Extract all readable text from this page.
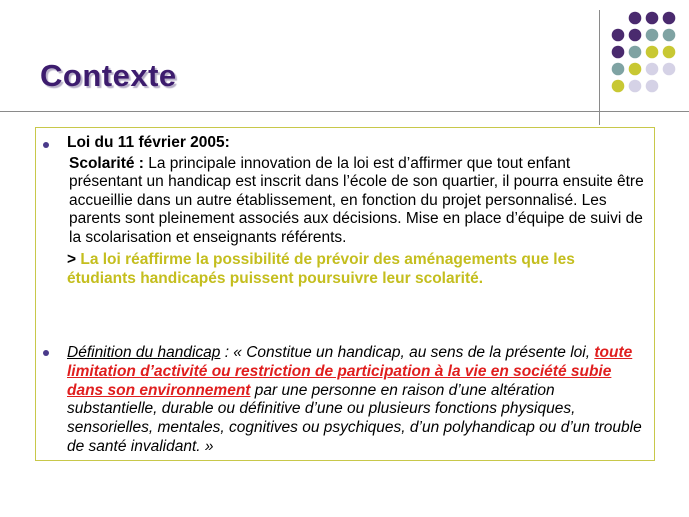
Contexte
Loi du 11 février 2005:
Scolarité : La principale innovation de la loi est d’affirmer que tout enfant présentant un handicap est inscrit dans l’école de son quartier, il pourra ensuite être accueillie dans un autre établissement, en fonction du projet personnalisé. Les parents sont pleinement associés aux décisions. Mise en place d’équipe de suivi de la scolarisation et enseignants référents.
> La loi réaffirme la possibilité de prévoir des aménagements que les étudiants handicapés puissent poursuivre leur scolarité.
Définition du handicap : « Constitue un handicap, au sens de la présente loi, toute limitation d’activité ou restriction de participation à la vie en société subie dans son environnement par une personne en raison d’une altération substantielle, durable ou définitive d’une ou plusieurs fonctions physiques, sensorielles, mentales, cognitives ou psychiques, d’un polyhandicap ou d’un trouble de santé invalidant. »
